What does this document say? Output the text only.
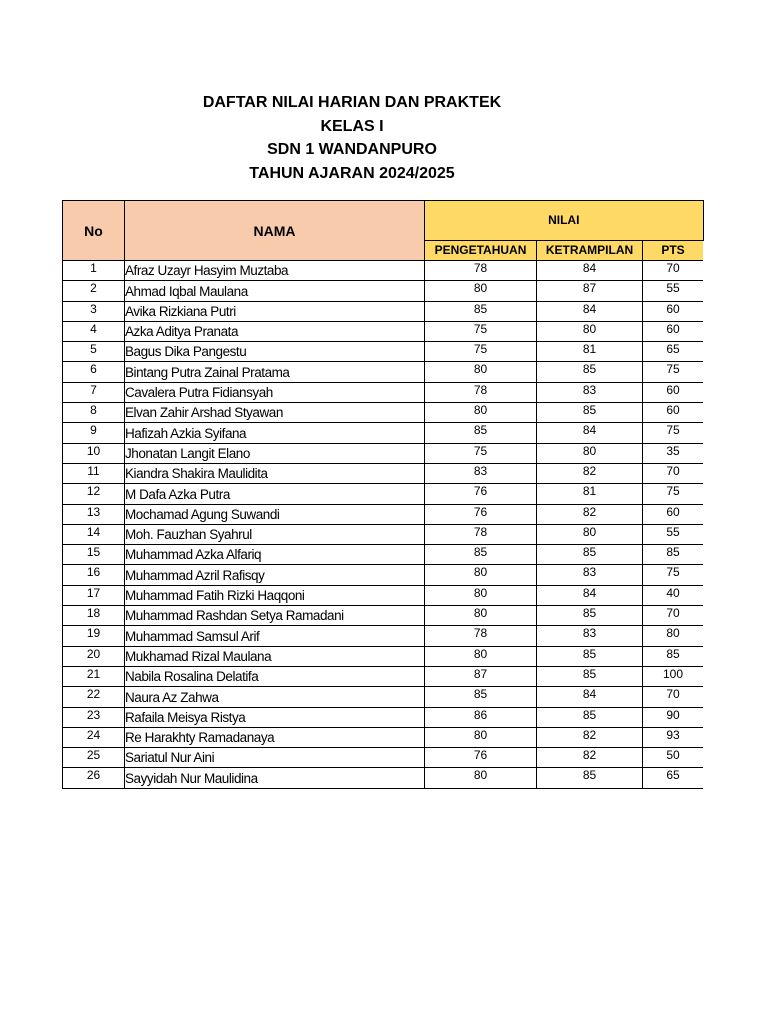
DAFTAR NILAI HARIAN DAN PRAKTEK
KELAS I
SDN 1 WANDANPURO
TAHUN AJARAN 2024/2025
No	NAMA	NILAI		
		PENGETAHUAN	KETRAMPILAN	PTS
1	Afraz Uzayr Hasyim Muztaba	78	84	70
2	Ahmad Iqbal Maulana	80	87	55
3	Avika Rizkiana Putri	85	84	60
4	Azka Aditya Pranata	75	80	60
5	Bagus Dika Pangestu	75	81	65
6	Bintang Putra Zainal Pratama	80	85	75
7	Cavalera Putra Fidiansyah	78	83	60
8	Elvan Zahir Arshad Styawan	80	85	60
9	Hafizah Azkia Syifana	85	84	75
10	Jhonatan Langit Elano	75	80	35
11	Kiandra Shakira Maulidita	83	82	70
12	M Dafa Azka Putra	76	81	75
13	Mochamad Agung Suwandi	76	82	60
14	Moh. Fauzhan Syahrul	78	80	55
15	Muhammad Azka Alfariq	85	85	85
16	Muhammad Azril Rafisqy	80	83	75
17	Muhammad Fatih Rizki Haqqoni	80	84	40
18	Muhammad Rashdan Setya Ramadani	80	85	70
19	Muhammad Samsul Arif	78	83	80
20	Mukhamad Rizal Maulana	80	85	85
21	Nabila Rosalina Delatifa	87	85	100
22	Naura Az Zahwa	85	84	70
23	Rafaila Meisya Ristya	86	85	90
24	Re Harakhty Ramadanaya	80	82	93
25	Sariatul Nur Aini	76	82	50
26	Sayyidah Nur Maulidina	80	85	65
